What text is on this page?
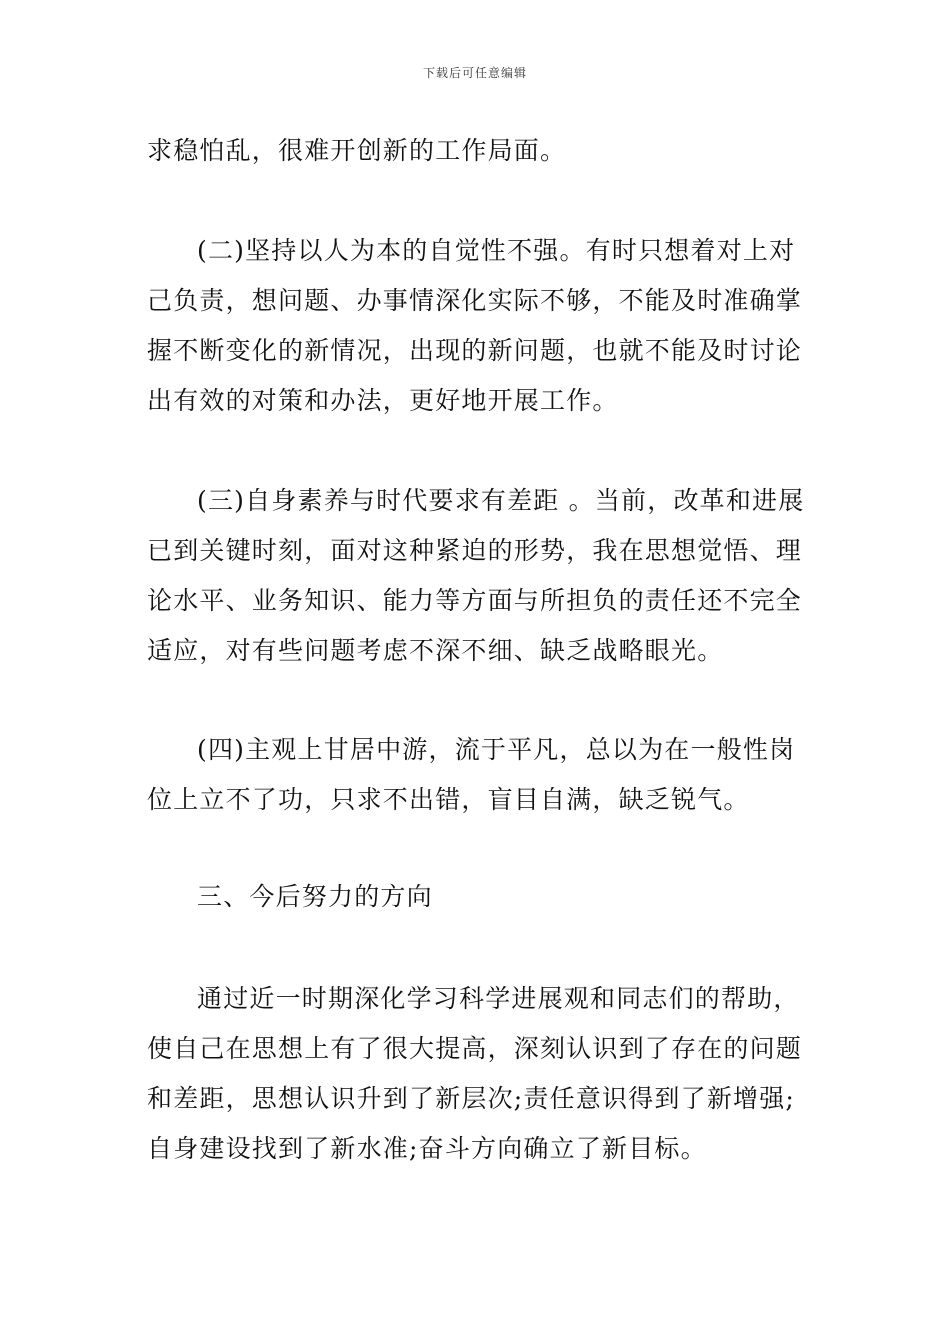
下载后可任意编辑

求稳怕乱，很难开创新的工作局面。

(二)坚持以人为本的自觉性不强。有时只想着对上对己负责，想问题、办事情深化实际不够，不能及时准确掌握不断变化的新情况，出现的新问题，也就不能及时讨论出有效的对策和办法，更好地开展工作。

(三)自身素养与时代要求有差距 。当前，改革和进展已到关键时刻，面对这种紧迫的形势，我在思想觉悟、理论水平、业务知识、能力等方面与所担负的责任还不完全适应，对有些问题考虑不深不细、缺乏战略眼光。

(四)主观上甘居中游，流于平凡，总以为在一般性岗位上立不了功，只求不出错，盲目自满，缺乏锐气。

三、今后努力的方向

通过近一时期深化学习科学进展观和同志们的帮助，使自己在思想上有了很大提高，深刻认识到了存在的问题和差距，思想认识升到了新层次;责任意识得到了新增强;自身建设找到了新水准;奋斗方向确立了新目标。
